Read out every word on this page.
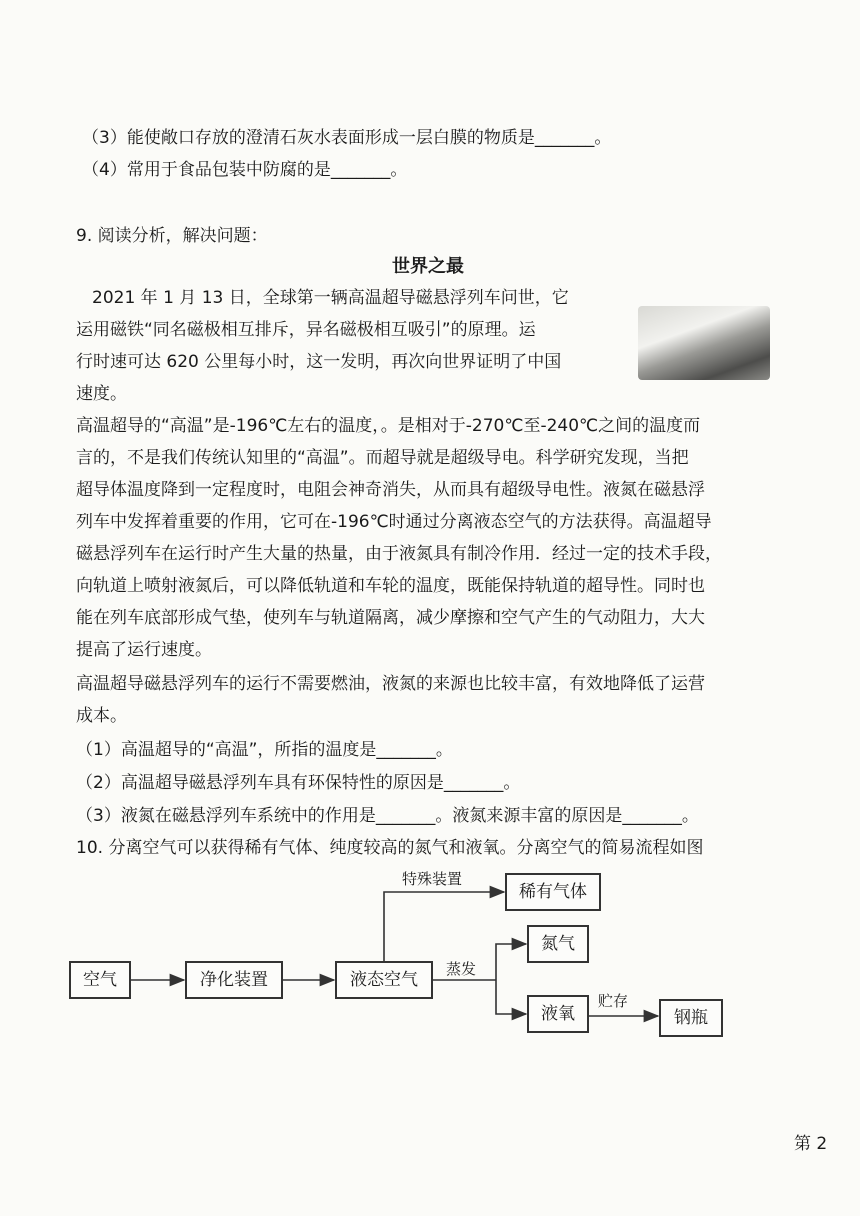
（3）能使敞口存放的澄清石灰水表面形成一层白膜的物质是_______。
（4）常用于食品包装中防腐的是_______。
9. 阅读分析，解决问题：
世界之最
2021 年 1 月 13 日，全球第一辆高温超导磁悬浮列车问世，它
运用磁铁“同名磁极相互排斥，异名磁极相互吸引”的原理。运
行时速可达 620 公里每小时，这一发明，再次向世界证明了中国
速度。
高温超导的“高温”是-196℃左右的温度，。是相对于-270℃至-240℃之间的温度而
言的，不是我们传统认知里的“高温”。而超导就是超级导电。科学研究发现，当把
超导体温度降到一定程度时，电阻会神奇消失，从而具有超级导电性。液氮在磁悬浮
列车中发挥着重要的作用，它可在-196℃时通过分离液态空气的方法获得。高温超导
磁悬浮列车在运行时产生大量的热量，由于液氮具有制冷作用．经过一定的技术手段，
向轨道上喷射液氮后，可以降低轨道和车轮的温度，既能保持轨道的超导性。同时也
能在列车底部形成气垫，使列车与轨道隔离，减少摩擦和空气产生的气动阻力，大大
提高了运行速度。
高温超导磁悬浮列车的运行不需要燃油，液氮的来源也比较丰富，有效地降低了运营
成本。
（1）高温超导的“高温”，所指的温度是_______。
（2）高温超导磁悬浮列车具有环保特性的原因是_______。
（3）液氮在磁悬浮列车系统中的作用是_______。液氮来源丰富的原因是_______。
10. 分离空气可以获得稀有气体、纯度较高的氮气和液氧。分离空气的简易流程如图
空气	净化装置	液态空气
稀有气体
氮气
液氧	钢瓶
特殊装置
蒸发
贮存
第 2
